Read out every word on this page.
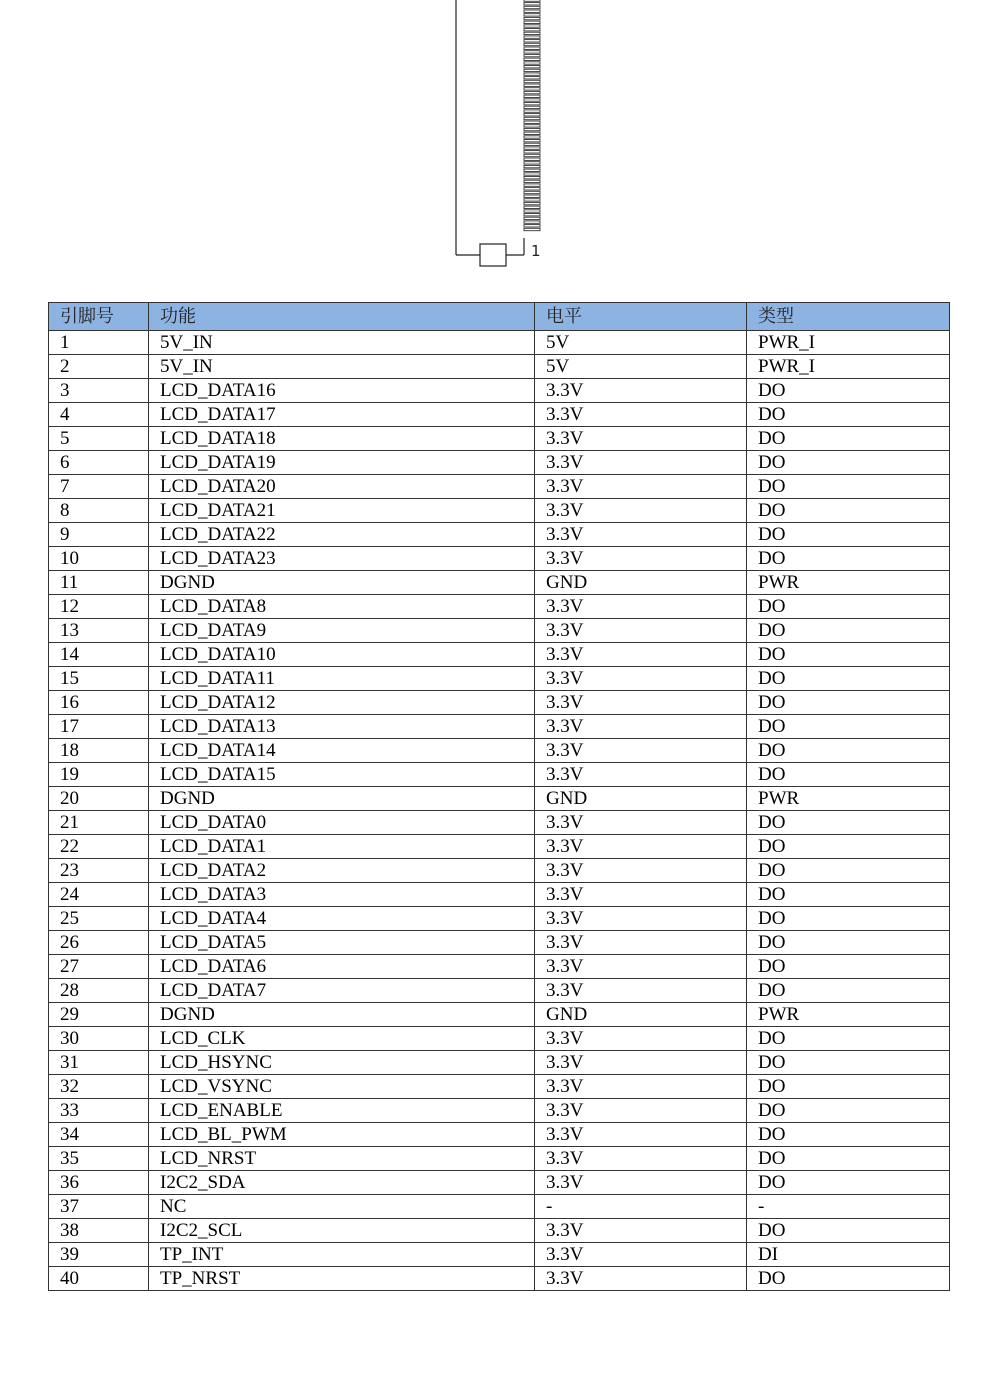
1
引脚号	功能	电平	类型
1	5V_IN	5V	PWR_I
2	5V_IN	5V	PWR_I
3	LCD_DATA16	3.3V	DO
4	LCD_DATA17	3.3V	DO
5	LCD_DATA18	3.3V	DO
6	LCD_DATA19	3.3V	DO
7	LCD_DATA20	3.3V	DO
8	LCD_DATA21	3.3V	DO
9	LCD_DATA22	3.3V	DO
10	LCD_DATA23	3.3V	DO
11	DGND	GND	PWR
12	LCD_DATA8	3.3V	DO
13	LCD_DATA9	3.3V	DO
14	LCD_DATA10	3.3V	DO
15	LCD_DATA11	3.3V	DO
16	LCD_DATA12	3.3V	DO
17	LCD_DATA13	3.3V	DO
18	LCD_DATA14	3.3V	DO
19	LCD_DATA15	3.3V	DO
20	DGND	GND	PWR
21	LCD_DATA0	3.3V	DO
22	LCD_DATA1	3.3V	DO
23	LCD_DATA2	3.3V	DO
24	LCD_DATA3	3.3V	DO
25	LCD_DATA4	3.3V	DO
26	LCD_DATA5	3.3V	DO
27	LCD_DATA6	3.3V	DO
28	LCD_DATA7	3.3V	DO
29	DGND	GND	PWR
30	LCD_CLK	3.3V	DO
31	LCD_HSYNC	3.3V	DO
32	LCD_VSYNC	3.3V	DO
33	LCD_ENABLE	3.3V	DO
34	LCD_BL_PWM	3.3V	DO
35	LCD_NRST	3.3V	DO
36	I2C2_SDA	3.3V	DO
37	NC	-	-
38	I2C2_SCL	3.3V	DO
39	TP_INT	3.3V	DI
40	TP_NRST	3.3V	DO
